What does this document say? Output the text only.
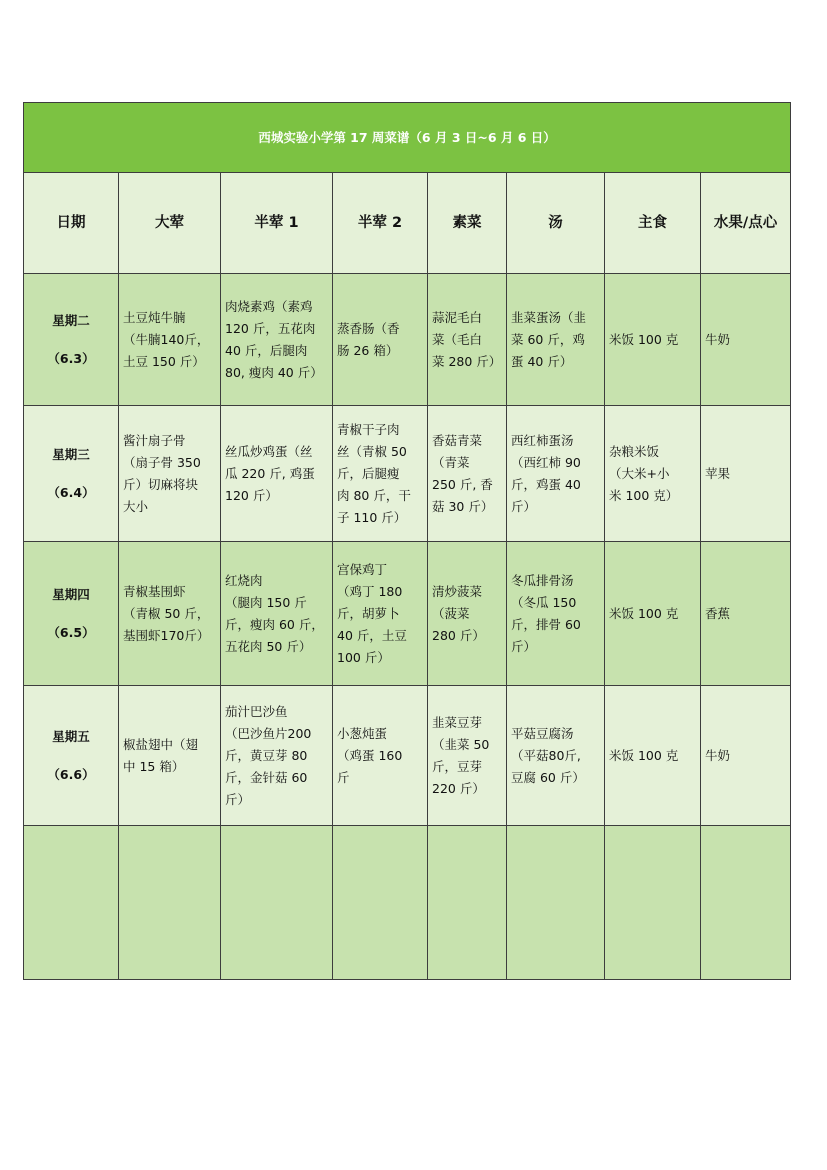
西城实验小学第 17 周菜谱（6 月 3 日~6 月 6 日）							
日期	大荤	半荤 1	半荤 2	素菜	汤	主食	水果/点心

星期二
（6.3）	土豆炖牛腩
（牛腩140斤，
土豆 150 斤）	肉烧素鸡（素鸡
120 斤，五花肉
40 斤，后腿肉
80, 瘦肉 40 斤）	蒸香肠（香
肠 26 箱）	蒜泥毛白
菜（毛白
菜 280 斤）	韭菜蛋汤（韭
菜 60 斤，鸡
蛋 40 斤）	米饭 100 克	牛奶

星期三
（6.4）	酱汁扇子骨
（扇子骨 350
斤）切麻将块
大小	丝瓜炒鸡蛋（丝
瓜 220 斤, 鸡蛋
120 斤）	青椒干子肉
丝（青椒 50
斤，后腿瘦
肉 80 斤，干
子 110 斤）	香菇青菜
（青菜
250 斤, 香
菇 30 斤）	西红柿蛋汤
（西红柿 90
斤，鸡蛋 40
斤）	杂粮米饭
（大米+小
米 100 克）	苹果

星期四
（6.5）	青椒基围虾
（青椒 50 斤，
基围虾170斤）	红烧肉
（腿肉 150 斤
斤，瘦肉 60 斤，
五花肉 50 斤）	宫保鸡丁
（鸡丁 180
斤，胡萝卜
40 斤，土豆
100 斤）	清炒菠菜
（菠菜
280 斤）	冬瓜排骨汤
（冬瓜 150
斤，排骨 60
斤）	米饭 100 克	香蕉

星期五
（6.6）	椒盐翅中（翅
中 15 箱）	茄汁巴沙鱼
（巴沙鱼片200
斤，黄豆芽 80
斤，金针菇 60
斤）	小葱炖蛋
（鸡蛋 160
斤	韭菜豆芽
（韭菜 50
斤，豆芽
220 斤）	平菇豆腐汤
（平菇80斤,
豆腐 60 斤）	米饭 100 克	牛奶
